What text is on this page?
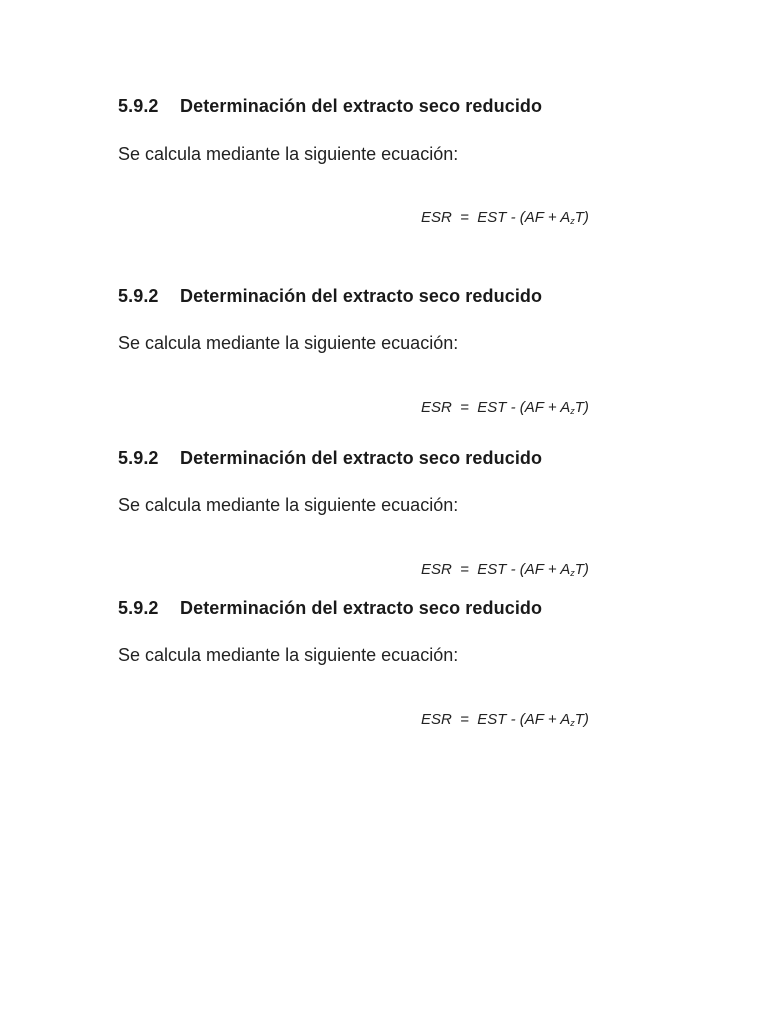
5.9.2 Determinación del extracto seco reducido
Se calcula mediante la siguiente ecuación:
ESR  =  EST - $(AF + A_zT)$
5.9.2 Determinación del extracto seco reducido
Se calcula mediante la siguiente ecuación:
ESR  =  EST - $(AF + A_zT)$
5.9.2 Determinación del extracto seco reducido
Se calcula mediante la siguiente ecuación:
ESR  =  EST - $(AF + A_zT)$
5.9.2 Determinación del extracto seco reducido
Se calcula mediante la siguiente ecuación:
ESR  =  EST - $(AF + A_zT)$
